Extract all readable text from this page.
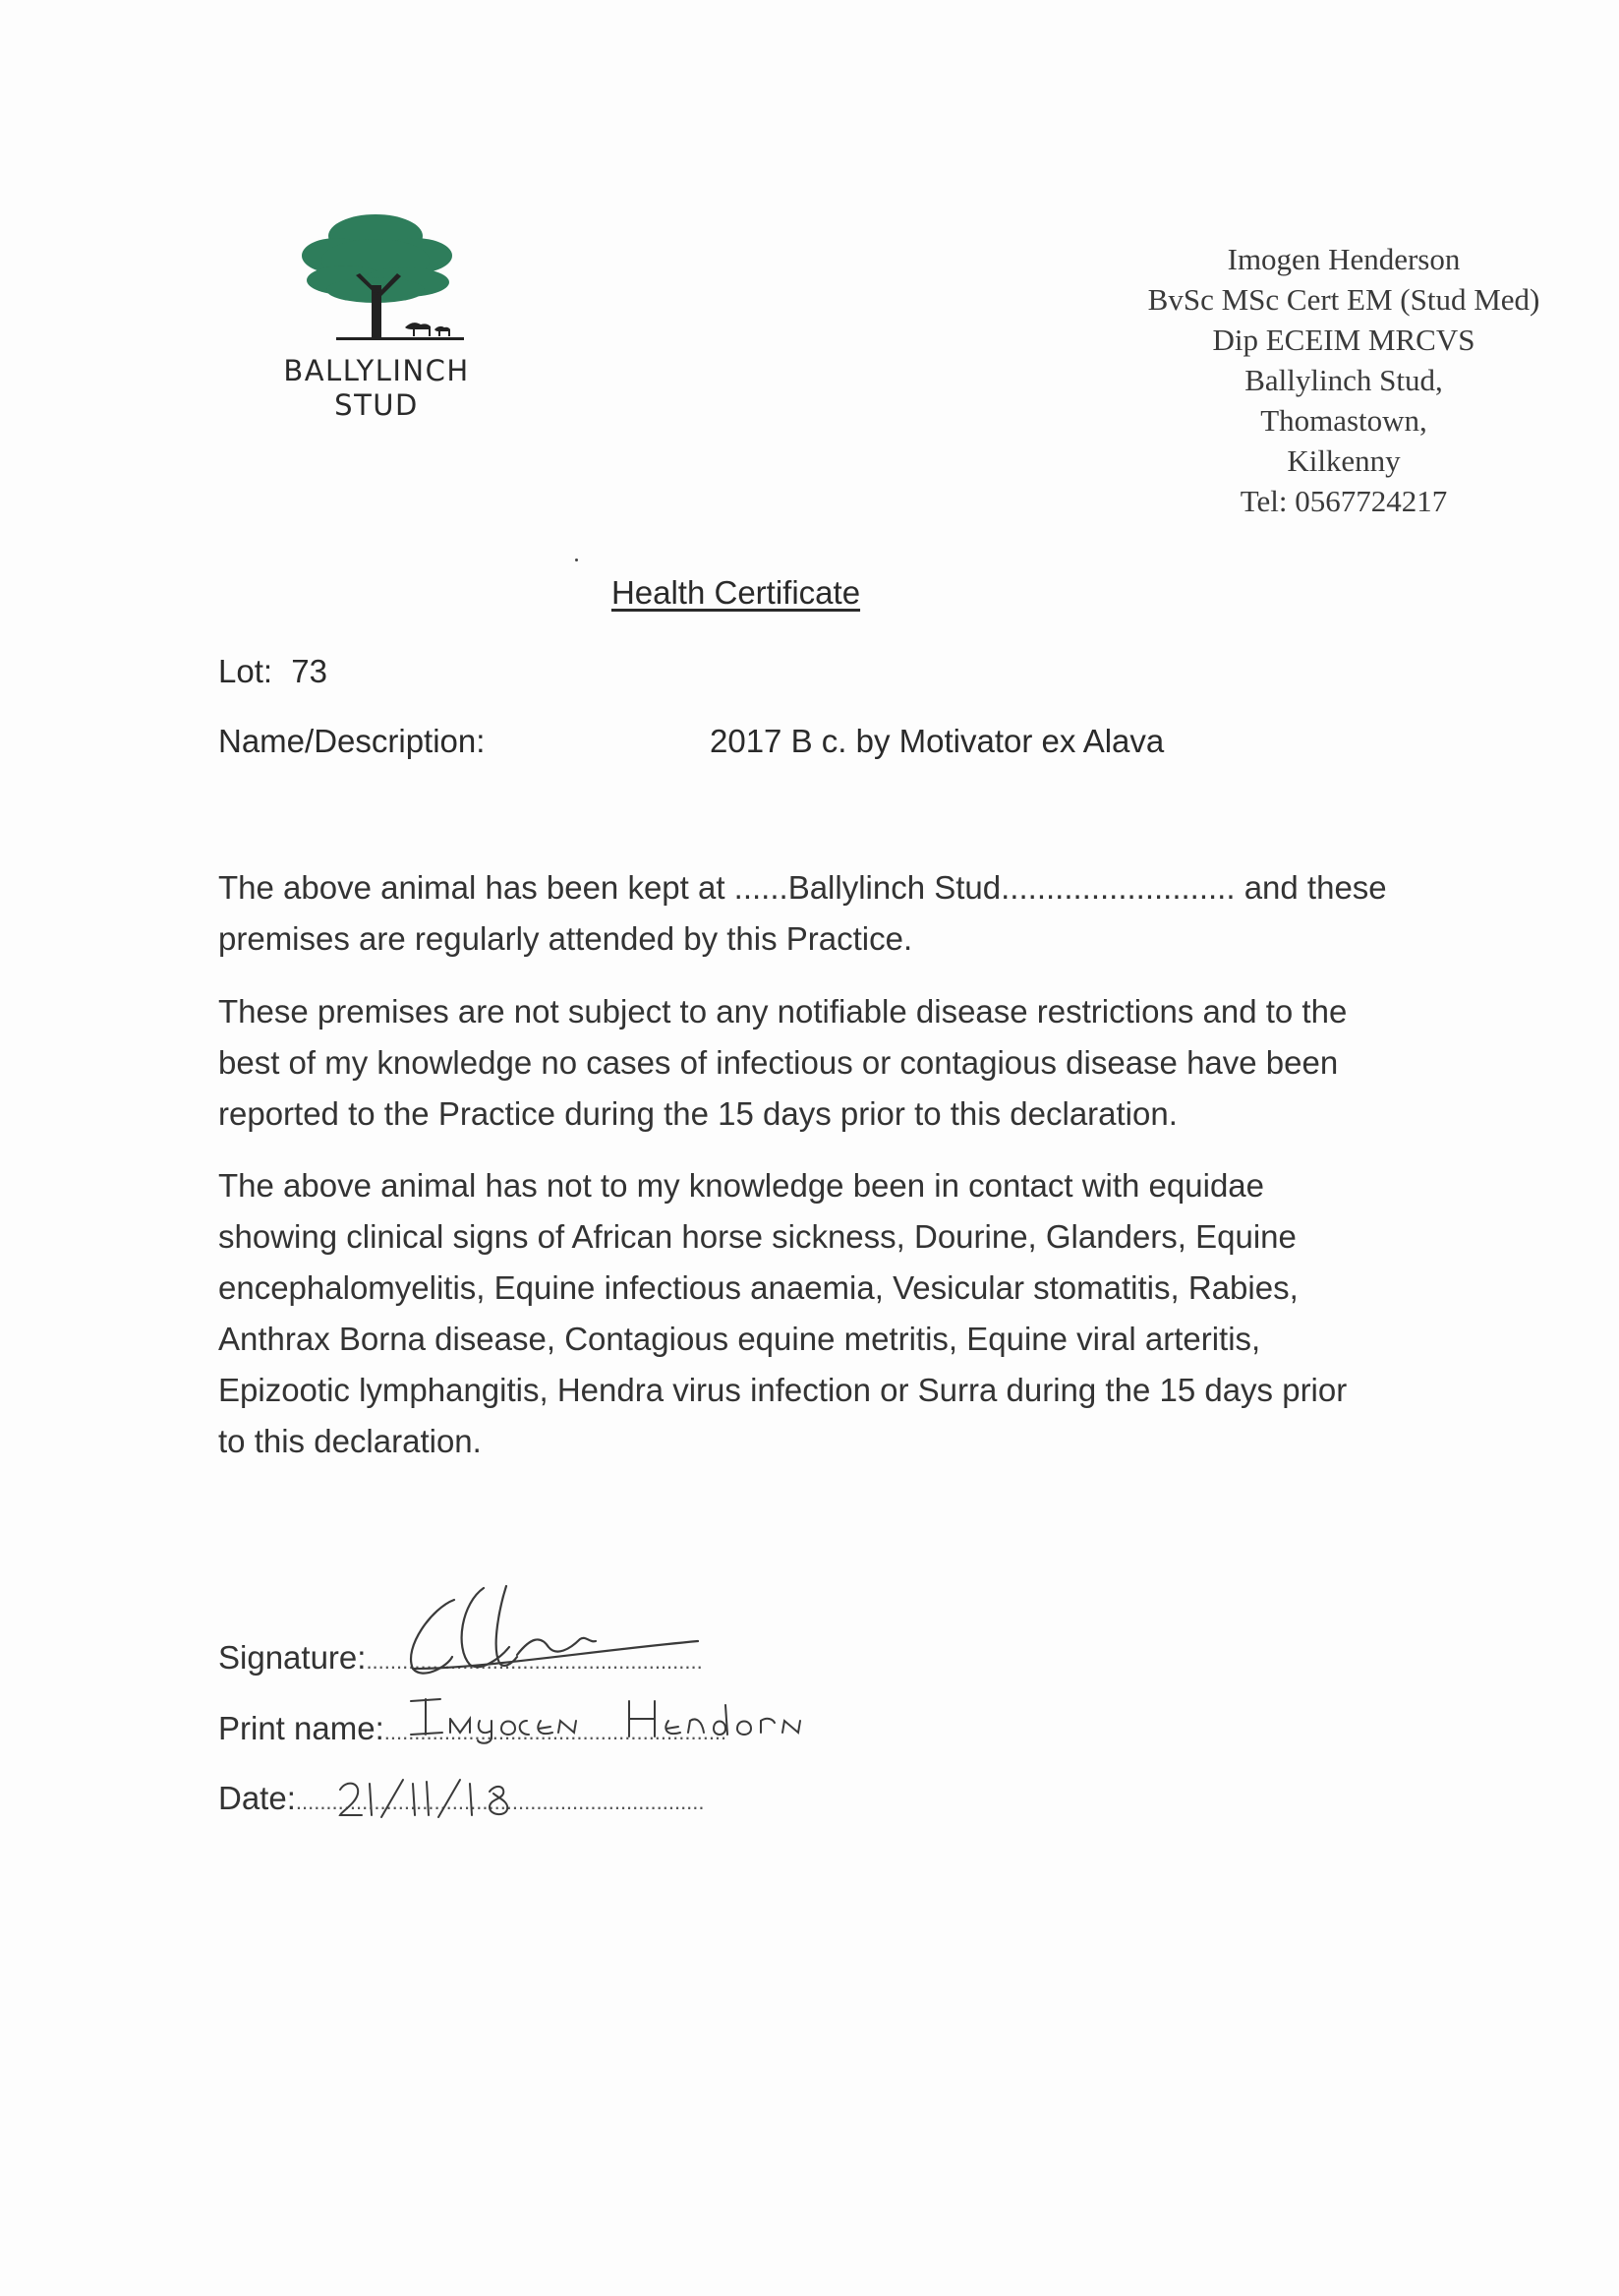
BALLYLINCH
STUD
Imogen Henderson
BvSc MSc Cert EM (Stud Med)
Dip ECEIM MRCVS
Ballylinch Stud,
Thomastown,
Kilkenny
Tel: 0567724217
Health Certificate
Lot: 73
Name/Description:	2017 B c. by Motivator ex Alava
The above animal has been kept at ......Ballylinch Stud.......................... and these
premises are regularly attended by this Practice.
These premises are not subject to any notifiable disease restrictions and to the
best of my knowledge no cases of infectious or contagious disease have been
reported to the Practice during the 15 days prior to this declaration.
The above animal has not to my knowledge been in contact with equidae
showing clinical signs of African horse sickness, Dourine, Glanders, Equine
encephalomyelitis, Equine infectious anaemia, Vesicular stomatitis, Rabies,
Anthrax Borna disease, Contagious equine metritis, Equine viral arteritis,
Epizootic lymphangitis, Hendra virus infection or Surra during the 15 days prior
to this declaration.
Signature:........................................................
Print name:.........................................................
Date:....................................................................
